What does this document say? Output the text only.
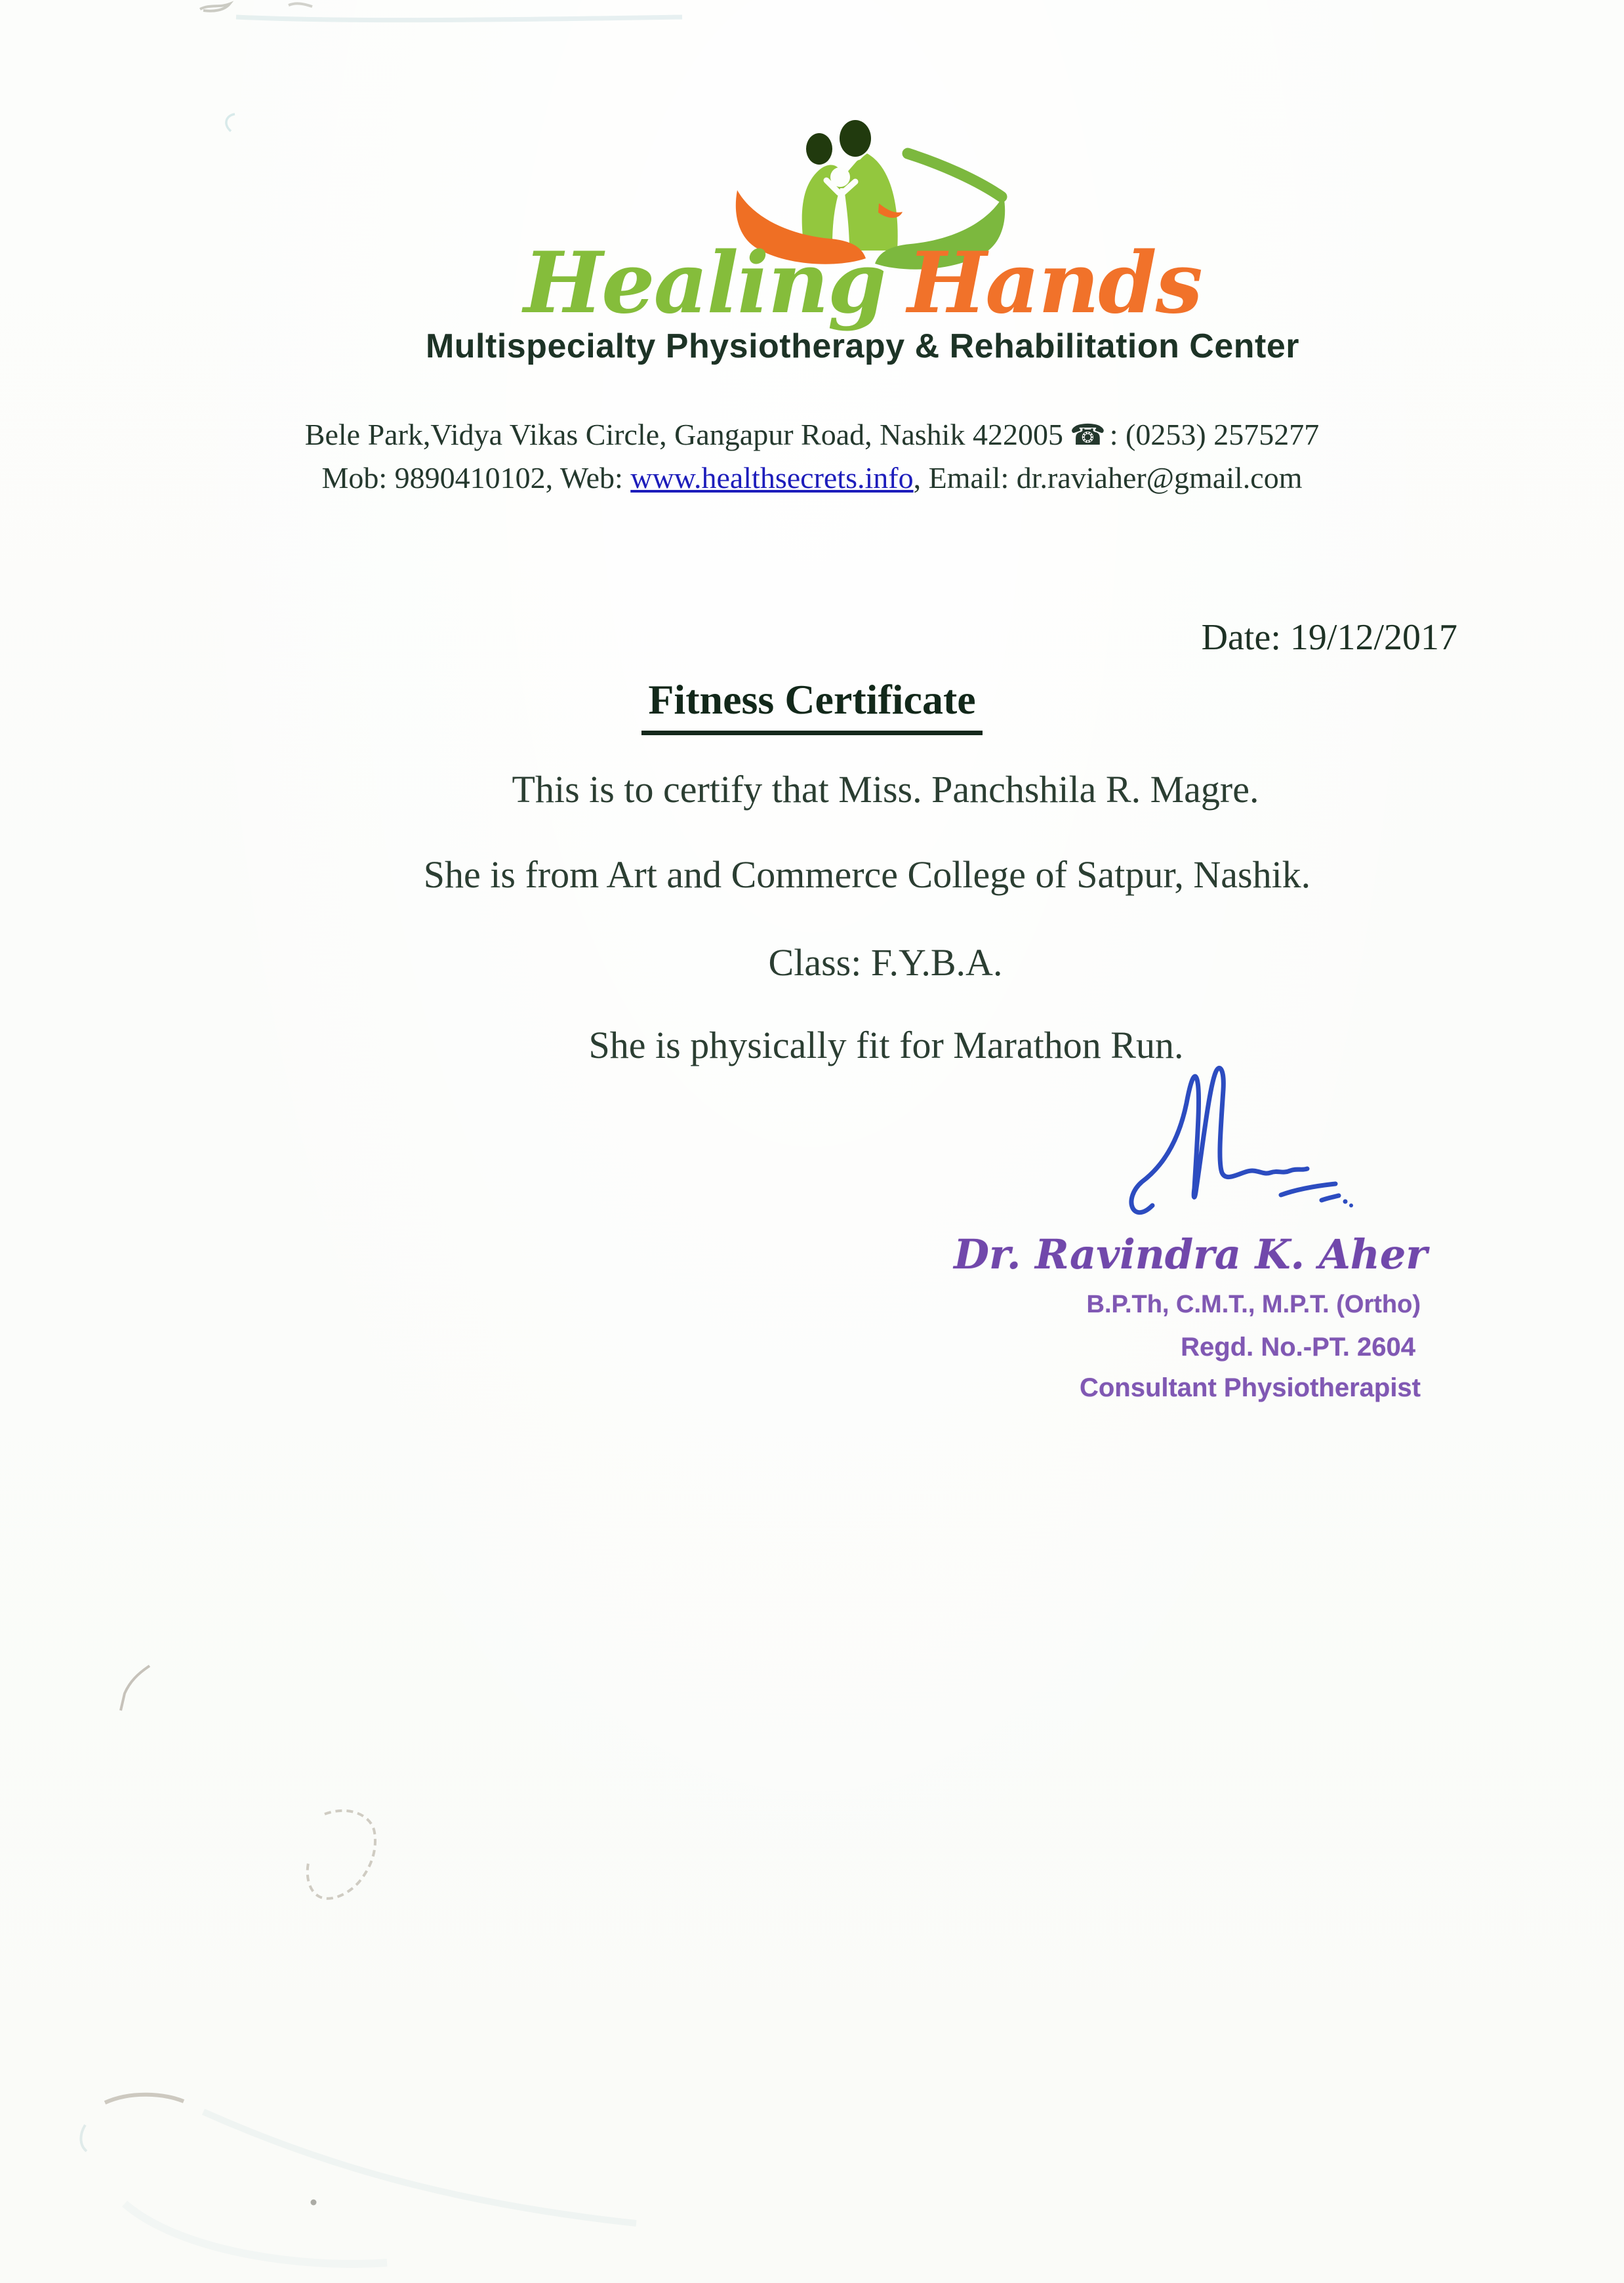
Healing Hands
Multispecialty Physiotherapy & Rehabilitation Center
Bele Park,Vidya Vikas Circle, Gangapur Road, Nashik 422005 ☎ : (0253) 2575277
Mob: 9890410102, Web: www.healthsecrets.info, Email: dr.raviaher@gmail.com
Date: 19/12/2017
Fitness Certificate
This is to certify that Miss. Panchshila R. Magre.
She is from Art and Commerce College of Satpur, Nashik.
Class: F.Y.B.A.
She is physically fit for Marathon Run.
Dr. Ravindra K. Aher
B.P.Th, C.M.T., M.P.T. (Ortho)
Regd. No.-PT. 2604
Consultant Physiotherapist
